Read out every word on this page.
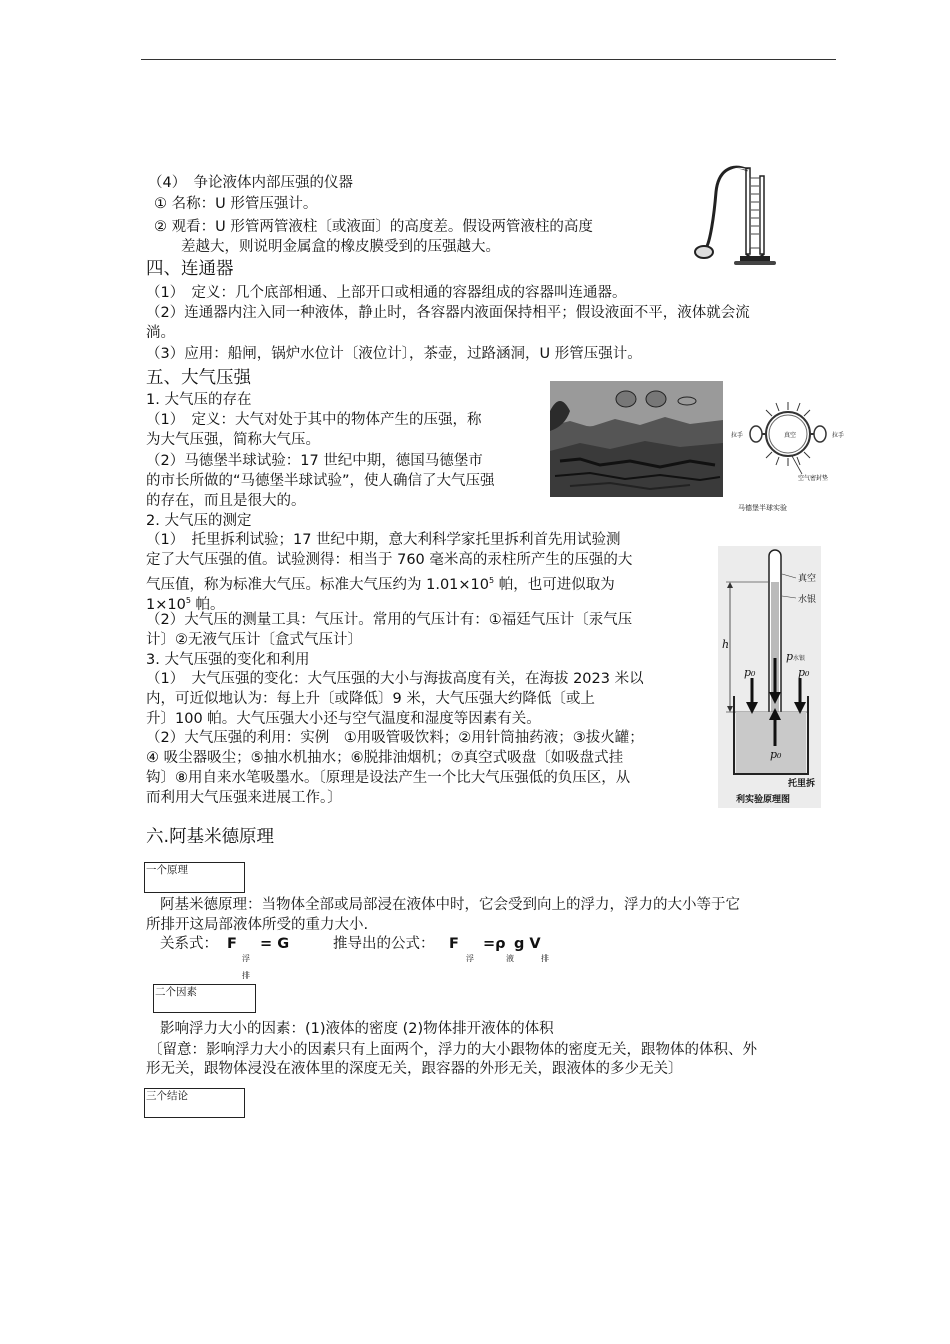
（4）　争论液体内部压强的仪器
① 名称：U 形管压强计。
② 观看：U 形管两管液柱〔或液面〕的高度差。假设两管液柱的高度
差越大，则说明金属盒的橡皮膜受到的压强越大。
四、连通器
（1）　定义：几个底部相通、上部开口或相通的容器组成的容器叫连通器。
（2）连通器内注入同一种液体，静止时，各容器内液面保持相平；假设液面不平，液体就会流
淌。
（3）应用：船闸，锅炉水位计〔液位计〕，茶壶，过路涵洞，U 形管压强计。
五、大气压强
1. 大气压的存在
（1）　定义：大气对处于其中的物体产生的压强，称
为大气压强，简称大气压。
（2）马德堡半球试验：17 世纪中期，德国马德堡市
的市长所做的“马德堡半球试验”，使人确信了大气压强
的存在，而且是很大的。
真空
拉手	拉手
空气密封垫
马德堡半球实验
2. 大气压的测定
（1）　托里拆利试验；17 世纪中期，意大利科学家托里拆利首先用试验测
定了大气压强的值。试验测得：相当于 760 毫米高的汞柱所产生的压强的大
气压值，称为标准大气压。标准大气压约为 $1.01\times 10^5$ 帕，也可进似取为
$1\times 10^5$ 帕。
（2）大气压的测量工具：气压计。常用的气压计有：①福廷气压计〔汞气压
计〕②无液气压计〔盒式气压计〕
3. 大气压强的变化和利用
（1）　大气压强的变化：大气压强的大小与海拔高度有关，在海拔 2023 米以
内，可近似地认为：每上升〔或降低〕9 米，大气压强大约降低〔或上
升〕100 帕。大气压强大小还与空气温度和湿度等因素有关。
（2）大气压强的利用：实例　①用吸管吸饮料；②用针筒抽药液；③拔火罐；
④ 吸尘器吸尘；⑤抽水机抽水；⑥脱排油烟机；⑦真空式吸盘〔如吸盘式挂
钩〕⑧用自来水笔吸墨水。〔原理是设法产生一个比大气压强低的负压区，从
而利用大气压强来进展工作。〕
真空
水银
h
p水银
p₀	p₀
p₀
托里拆
利实验原理图
六.阿基米德原理
一个原理
阿基米德原理：当物体全部或局部浸在液体中时，它会受到向上的浮力，浮力的大小等于它
所排开这局部液体所受的重力大小.
关系式： F
浮
= G
排
推导出的公式： F
浮
=ρ
液
g V
排
二个因素
影响浮力大小的因素：(1)液体的密度 (2)物体排开液体的体积
〔留意：影响浮力大小的因素只有上面两个，浮力的大小跟物体的密度无关，跟物体的体积、外
形无关，跟物体浸没在液体里的深度无关，跟容器的外形无关，跟液体的多少无关〕
三个结论
